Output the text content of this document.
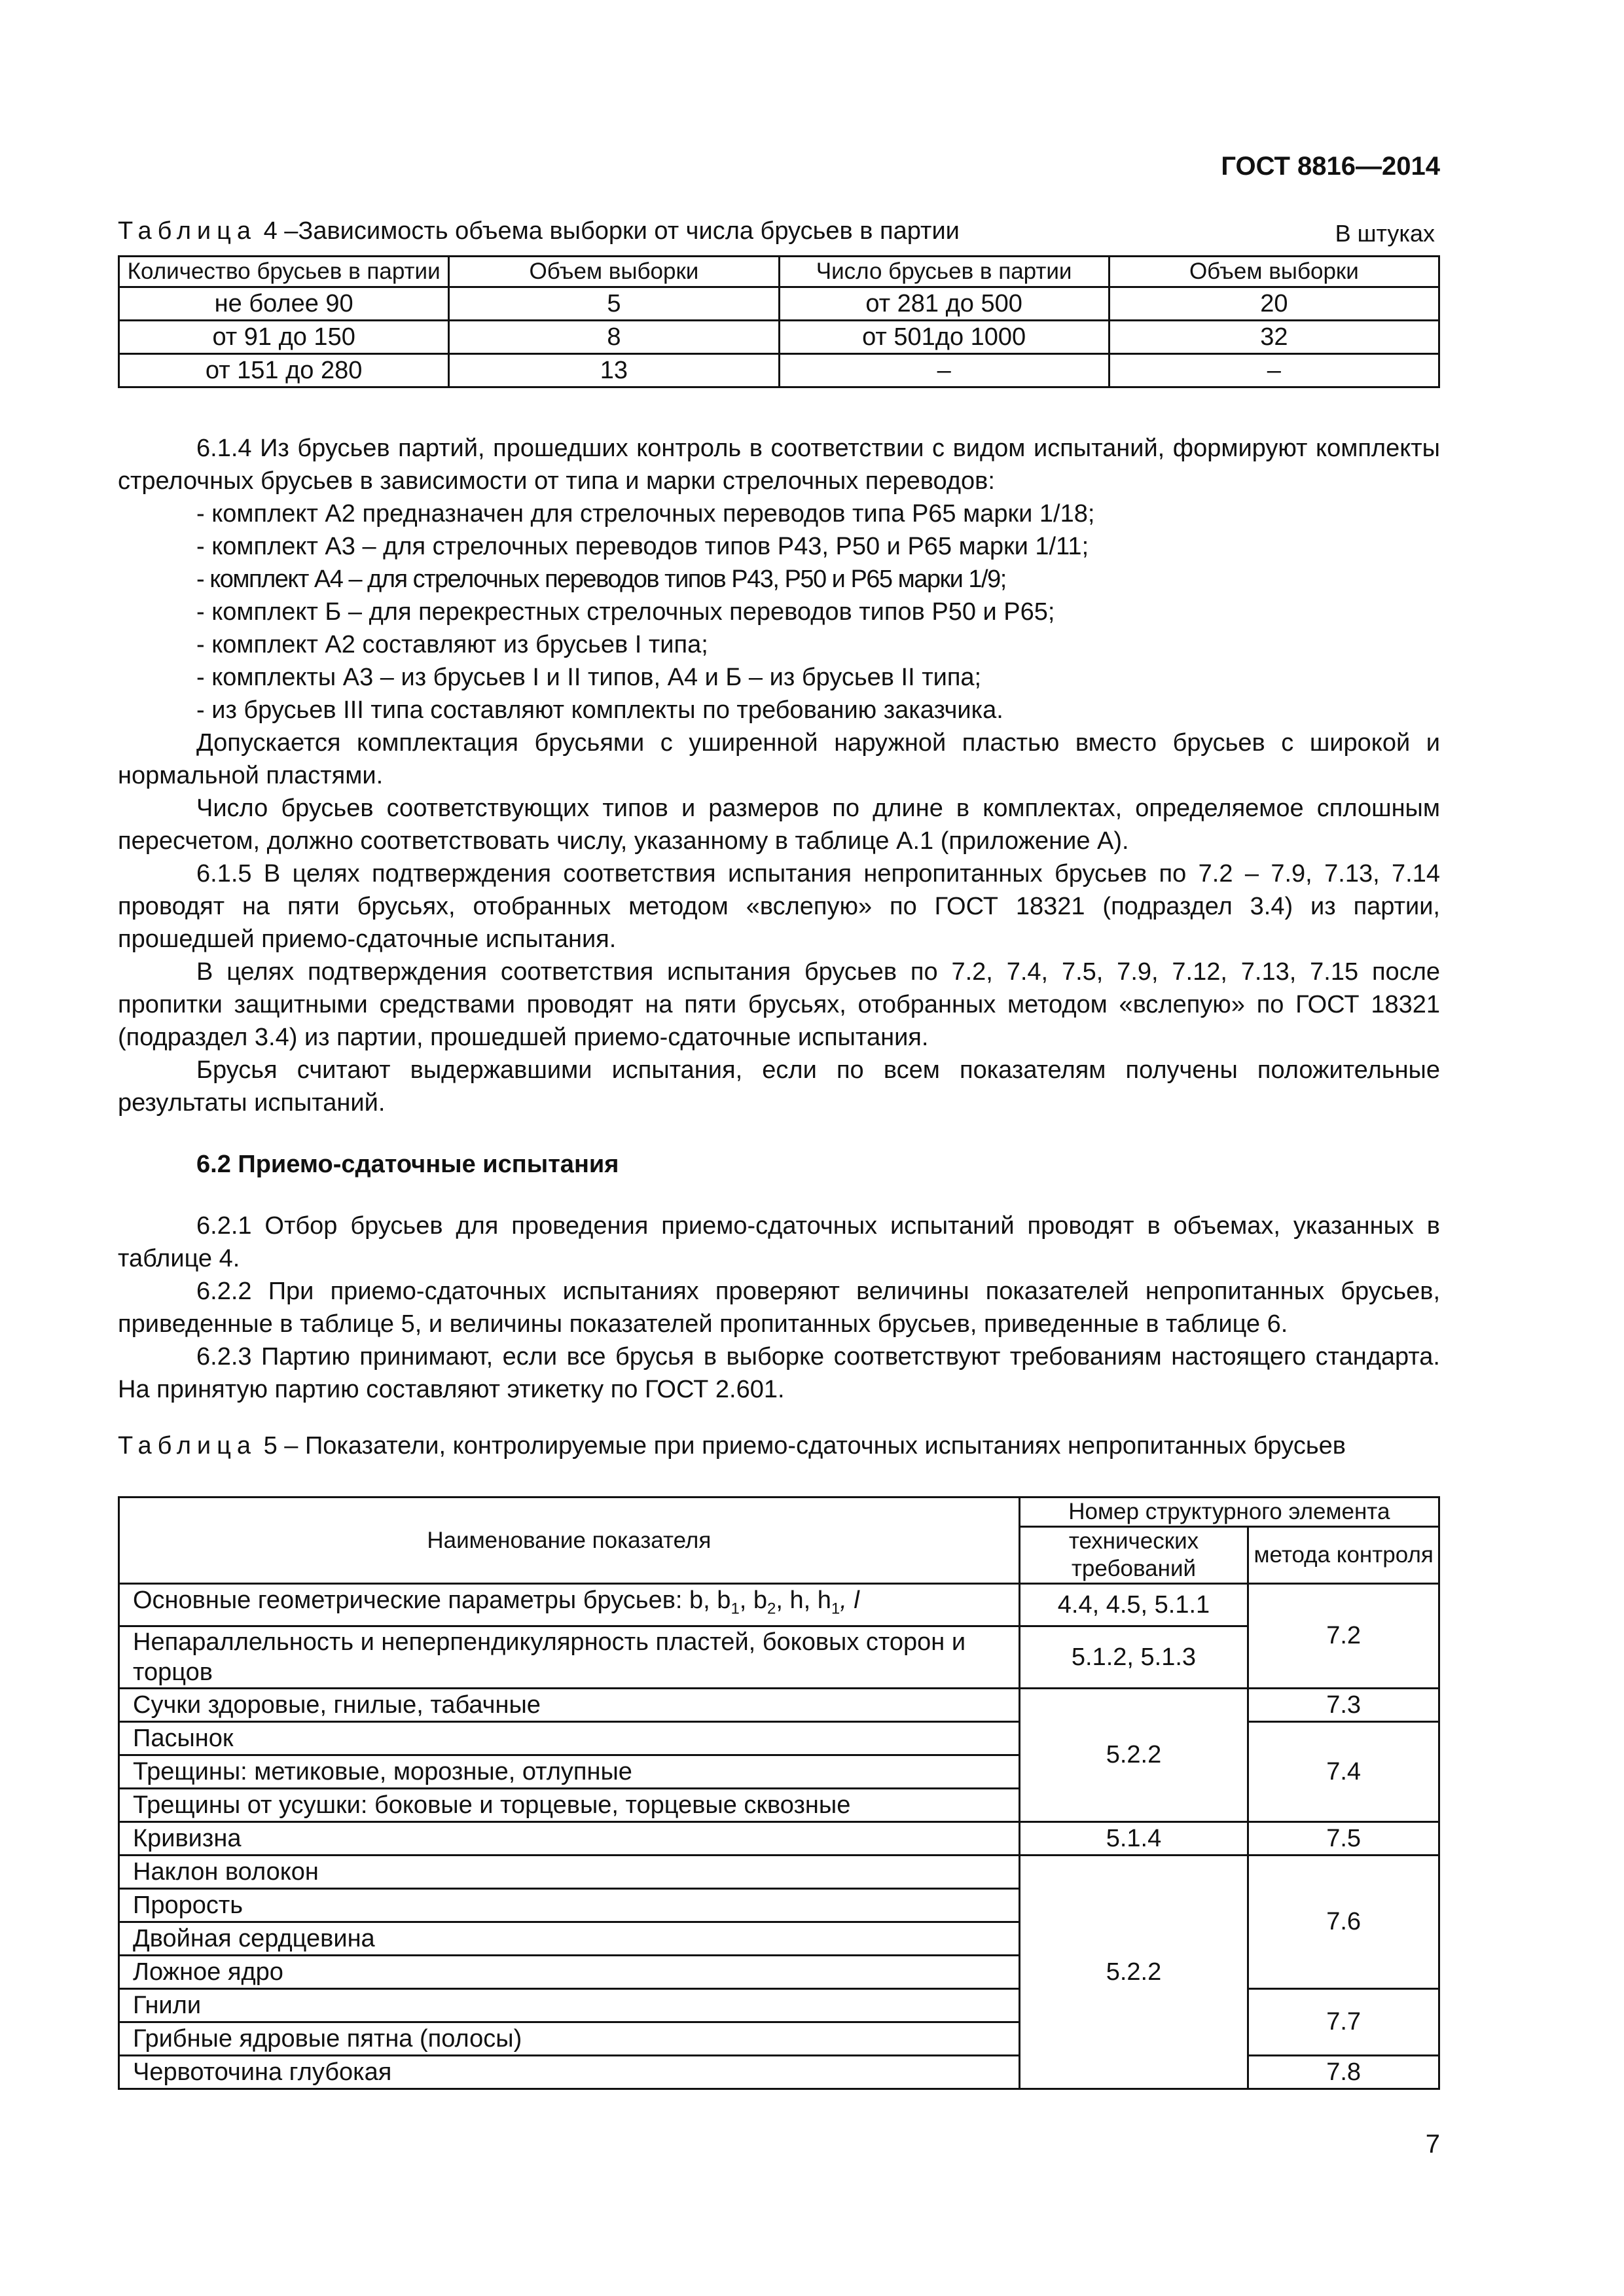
ГОСТ 8816—2014
Таблица 4 –Зависимость объема выборки от числа брусьев в партии	В штуках
Количество брусьев в партии	Объем выборки	Число брусьев в партии	Объем выборки
не более 90	5	от 281 до 500	20
от 91 до 150	8	от 501до 1000	32
от 151 до 280	13	–	–

6.1.4 Из брусьев партий, прошедших контроль в соответствии с видом испытаний, формируют комплекты стрелочных брусьев в зависимости от типа и марки стрелочных переводов:

- комплект А2 предназначен для стрелочных переводов типа Р65 марки 1/18;

- комплект А3 – для стрелочных переводов типов Р43, Р50 и Р65 марки 1/11;

- комплект А4 – для стрелочных переводов типов Р43, Р50 и Р65 марки 1/9;

- комплект Б – для перекрестных стрелочных переводов типов Р50 и Р65;

- комплект А2 составляют из брусьев I типа;

- комплекты А3 – из брусьев I и II типов, А4 и Б – из брусьев II типа;

- из брусьев III типа составляют комплекты по требованию заказчика.

Допускается комплектация брусьями с уширенной наружной пластью вместо брусьев с широкой и нормальной пластями.

Число брусьев соответствующих типов и размеров по длине в комплектах, определяемое сплошным пересчетом, должно соответствовать числу, указанному в таблице А.1 (приложение А).

6.1.5 В целях подтверждения соответствия испытания непропитанных брусьев по 7.2 – 7.9, 7.13, 7.14 проводят на пяти брусьях, отобранных методом «вслепую» по ГОСТ 18321 (подраздел 3.4) из партии, прошедшей приемо-сдаточные испытания.

В целях подтверждения соответствия испытания брусьев по 7.2, 7.4, 7.5, 7.9, 7.12, 7.13, 7.15 после пропитки защитными средствами проводят на пяти брусьях, отобранных методом «вслепую» по ГОСТ 18321 (подраздел 3.4) из партии, прошедшей приемо-сдаточные испытания.

Брусья считают выдержавшими испытания, если по всем показателям получены положительные результаты испытаний.

6.2 Приемо-сдаточные испытания

6.2.1 Отбор брусьев для проведения приемо-сдаточных испытаний проводят в объемах, указанных в таблице 4.

6.2.2 При приемо-сдаточных испытаниях проверяют величины показателей непропитанных брусьев, приведенные в таблице 5, и величины показателей пропитанных брусьев, приведенные в таблице 6.

6.2.3 Партию принимают, если все брусья в выборке соответствуют требованиям настоящего стандарта. На принятую партию составляют этикетку по ГОСТ 2.601.

Таблица 5 – Показатели, контролируемые при приемо-сдаточных испытаниях непропитанных брусьев
Наименование показателя	Номер структурного элемента	
	технических требований	метода контроля
Основные геометрические параметры брусьев: b, $b_1$, $b_2$, h, $h_1$, l	4.4, 4.5, 5.1.1	7.2
Непараллельность и неперпендикулярность пластей, боковых сторон и торцов	5.1.2, 5.1.3	
Сучки здоровые, гнилые, табачные	5.2.2	7.3
Пасынок		7.4
Трещины: метиковые, морозные, отлупные		
Трещины от усушки: боковые и торцевые, торцевые сквозные		
Кривизна	5.1.4	7.5
Наклон волокон	5.2.2	7.6
Прорость		
Двойная сердцевина		
Ложное ядро		
Гнили		7.7
Грибные ядровые пятна (полосы)		
Червоточина глубокая		7.8
7
